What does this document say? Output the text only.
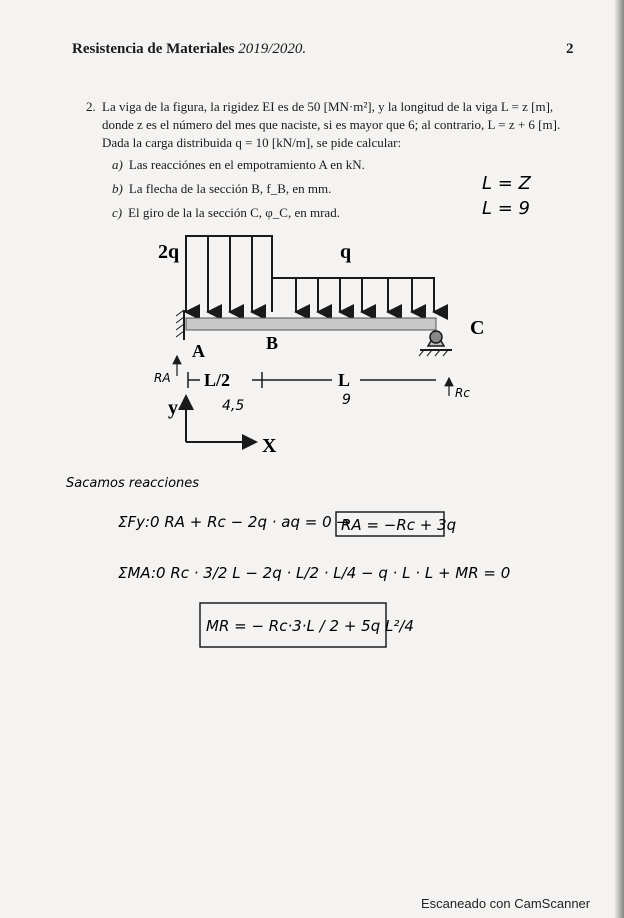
Resistencia de Materiales 2019/2020.	2
2. La viga de la figura, la rigidez EI es de 50 [MN·m²], y la longitud de la viga L = z [m], donde z es el número del mes que naciste, si es mayor que 6; al contrario, L = z + 6 [m]. Dada la carga distribuida q = 10 [kN/m], se pide calcular:
a) Las reacciónes en el empotramiento A en kN.
b) La flecha de la sección B, f_B, en mm.
c) El giro de la la sección C, φ_C, en mrad.
L = Z
L = 9
2q	q
A	B
C
RA L/2	L
4,5	9	Rc
y
X
Sacamos reacciones
ΣFy:0 RA + Rc − 2q · aq = 0 →
RA = −Rc + 3q
ΣMA:0 Rc · 3/2 L − 2q · L/2 · L/4 − q · L · L + MR = 0
MR = − Rc·3·L / 2 + 5q L²/4
Escaneado con CamScanner
